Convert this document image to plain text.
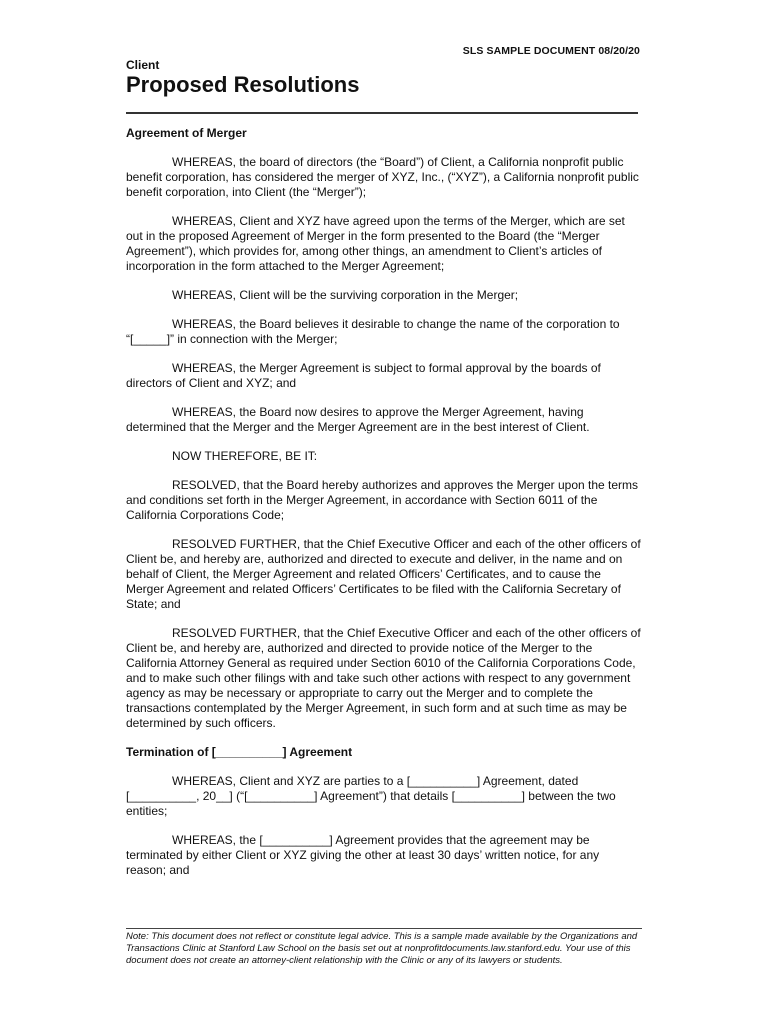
SLS SAMPLE DOCUMENT 08/20/20
Client
Proposed Resolutions
Agreement of Merger

WHEREAS, the board of directors (the “Board”) of Client, a California nonprofit public benefit corporation, has considered the merger of XYZ, Inc., (“XYZ”), a California nonprofit public benefit corporation, into Client (the “Merger”);

WHEREAS, Client and XYZ have agreed upon the terms of the Merger, which are set out in the proposed Agreement of Merger in the form presented to the Board (the “Merger Agreement”), which provides for, among other things, an amendment to Client’s articles of incorporation in the form attached to the Merger Agreement;

WHEREAS, Client will be the surviving corporation in the Merger;

WHEREAS, the Board believes it desirable to change the name of the corporation to “[_____]” in connection with the Merger;

WHEREAS, the Merger Agreement is subject to formal approval by the boards of directors of Client and XYZ; and

WHEREAS, the Board now desires to approve the Merger Agreement, having determined that the Merger and the Merger Agreement are in the best interest of Client.

NOW THEREFORE, BE IT:

RESOLVED, that the Board hereby authorizes and approves the Merger upon the terms and conditions set forth in the Merger Agreement, in accordance with Section 6011 of the California Corporations Code;

RESOLVED FURTHER, that the Chief Executive Officer and each of the other officers of Client be, and hereby are, authorized and directed to execute and deliver, in the name and on behalf of Client, the Merger Agreement and related Officers’ Certificates, and to cause the Merger Agreement and related Officers’ Certificates to be filed with the California Secretary of State; and

RESOLVED FURTHER, that the Chief Executive Officer and each of the other officers of Client be, and hereby are, authorized and directed to provide notice of the Merger to the California Attorney General as required under Section 6010 of the California Corporations Code, and to make such other filings with and take such other actions with respect to any government agency as may be necessary or appropriate to carry out the Merger and to complete the transactions contemplated by the Merger Agreement, in such form and at such time as may be determined by such officers.

Termination of [__________] Agreement

WHEREAS, Client and XYZ are parties to a [__________] Agreement, dated [__________, 20__] (“[__________] Agreement”) that details [__________] between the two entities;

WHEREAS, the [__________] Agreement provides that the agreement may be terminated by either Client or XYZ giving the other at least 30 days’ written notice, for any reason; and

Note: This document does not reflect or constitute legal advice. This is a sample made available by the Organizations and Transactions Clinic at Stanford Law School on the basis set out at nonprofitdocuments.law.stanford.edu. Your use of this document does not create an attorney-client relationship with the Clinic or any of its lawyers or students.
